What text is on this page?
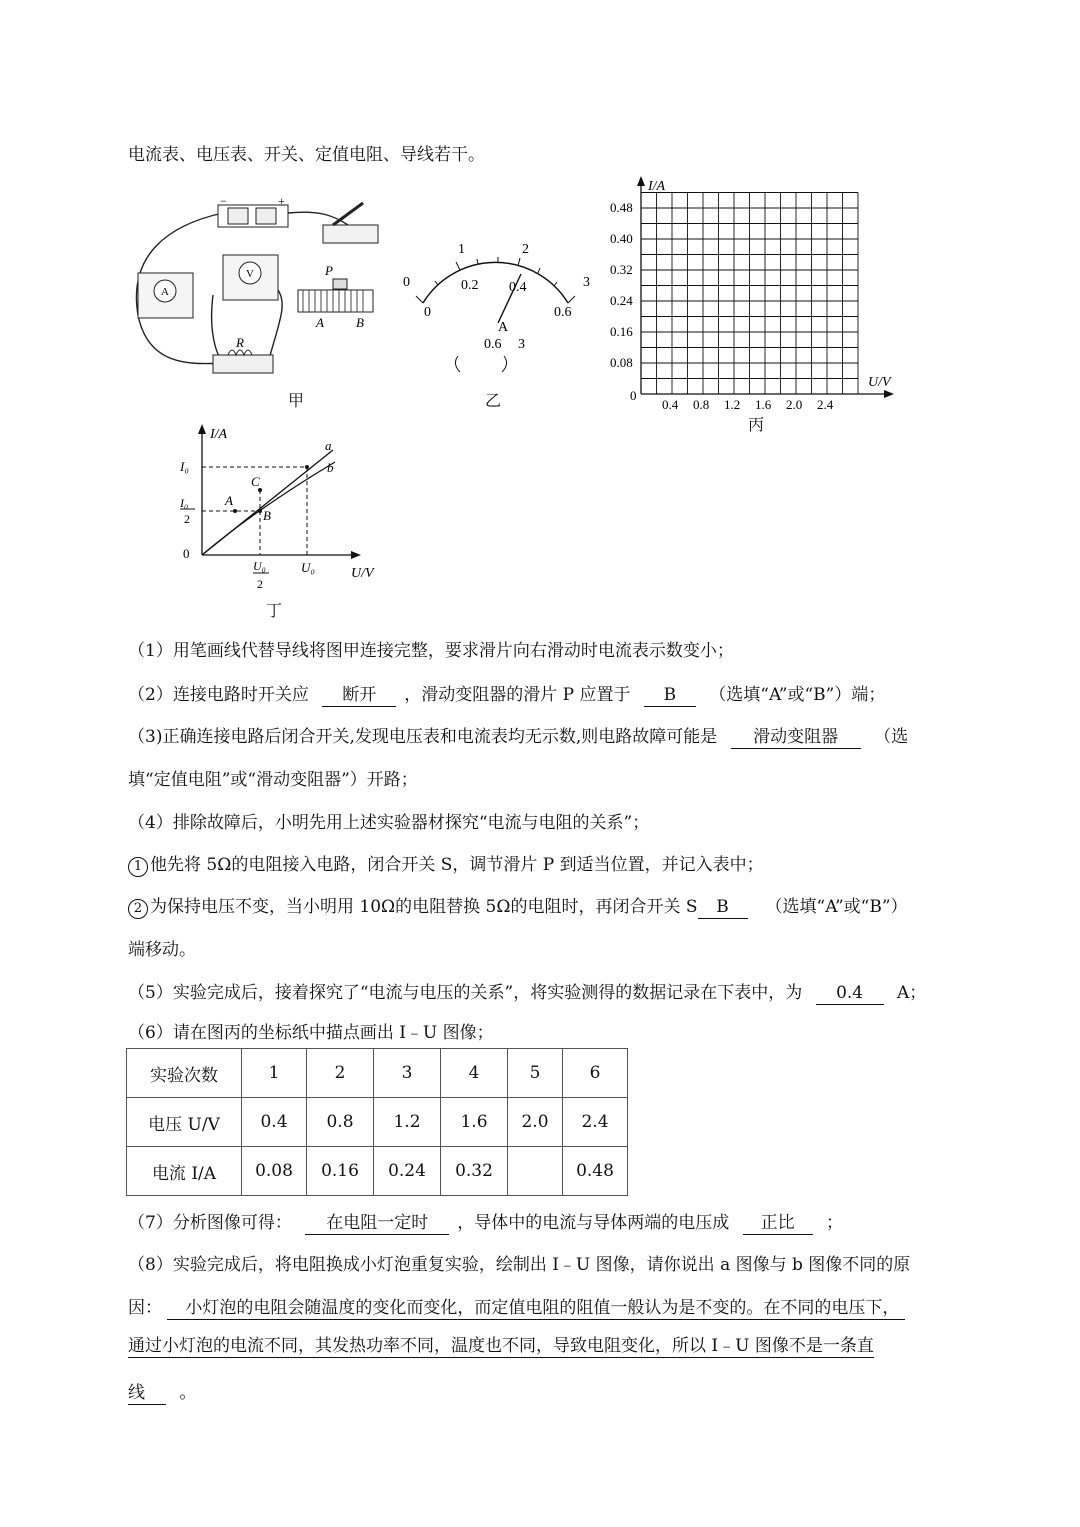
电流表、电压表、开关、定值电阻、导线若干。
−	+
A
V
R
P
A B
甲
0
1	2
3
0
0.2 0.4
0.6
A
0.6 3
乙
I/A
U/V
0
0.08
0.16
0.24
0.32
0.40
0.48
0.4 0.8 1.2 1.6 2.0 2.4
丙
I/A
U/V
0
I₀
I₀
2
U₀
2
U₀
a
b
A
B
C
丁
（1）用笔画线代替导线将图甲连接完整，要求滑片向右滑动时电流表示数变小；
（2）连接电路时开关应 断开 ，滑动变阻器的滑片 P 应置于 B （选填“A”或“B”）端；
（3)正确连接电路后闭合开关,发现电压表和电流表均无示数,则电路故障可能是 滑动变阻器 （选
填“定值电阻”或“滑动变阻器”）开路；
（4）排除故障后，小明先用上述实验器材探究“电流与电阻的关系”；
1 他先将 5Ω的电阻接入电路，闭合开关 S，调节滑片 P 到适当位置，并记入表中；
2 为保持电压不变，当小明用 10Ω的电阻替换 5Ω的电阻时，再闭合开关 S B （选填“A”或“B”）
端移动。
（5）实验完成后，接着探究了“电流与电压的关系”，将实验测得的数据记录在下表中，为 0.4 A；
（6）请在图丙的坐标纸中描点画出 I﹣U 图像；
实验次数	1	2	3	4	5	6
电压 U/V	0.4	0.8	1.2	1.6	2.0	2.4
电流 I/A	0.08	0.16	0.24	0.32		0.48
（7）分析图像可得： 在电阻一定时 ，导体中的电流与导体两端的电压成 正比 ；
（8）实验完成后，将电阻换成小灯泡重复实验，绘制出 I﹣U 图像，请你说出 a 图像与 b 图像不同的原
因： 小灯泡的电阻会随温度的变化而变化，而定值电阻的阻值一般认为是不变的。在不同的电压下，
通过小灯泡的电流不同，其发热功率不同，温度也不同，导致电阻变化，所以 I﹣U 图像不是一条直
线 。
